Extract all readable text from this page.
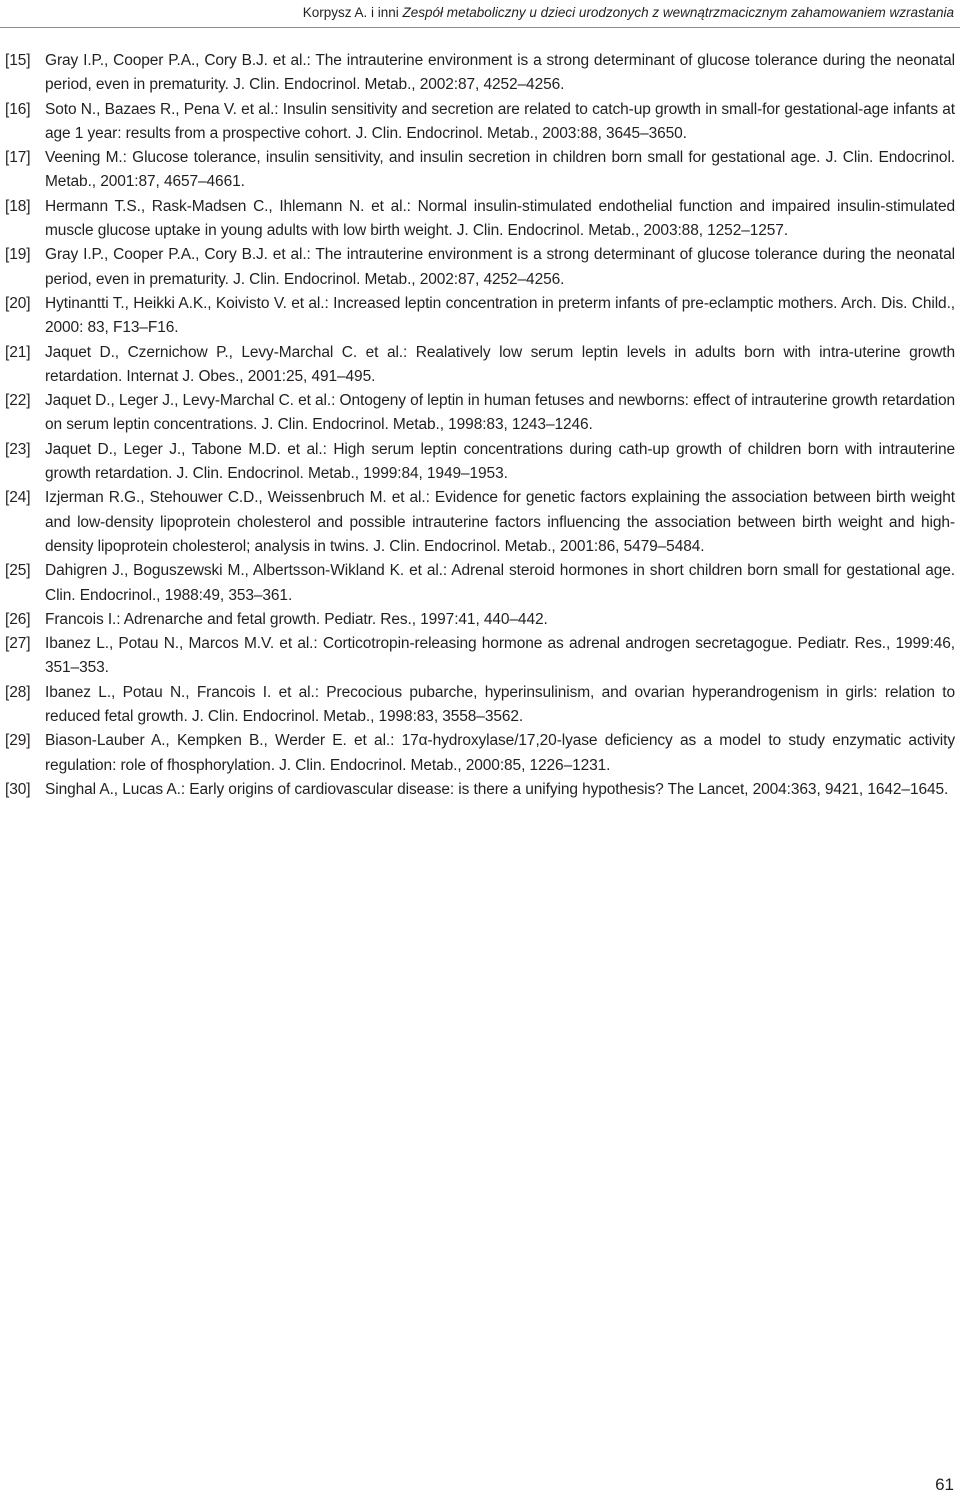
Korpysz A. i inni Zespół metaboliczny u dzieci urodzonych z wewnątrzmacicznym zahamowaniem wzrastania

[15] Gray I.P., Cooper P.A., Cory B.J. et al.: The intrauterine environment is a strong determinant of glucose tolerance during the neonatal period, even in prematurity. J. Clin. Endocrinol. Metab., 2002:87, 4252–4256.

[16] Soto N., Bazaes R., Pena V. et al.: Insulin sensitivity and secretion are related to catch-up growth in small-for gestational-age infants at age 1 year: results from a prospective cohort. J. Clin. Endocrinol. Metab., 2003:88, 3645–3650.

[17] Veening M.: Glucose tolerance, insulin sensitivity, and insulin secretion in children born small for gestational age. J. Clin. Endocrinol. Metab., 2001:87, 4657–4661.

[18] Hermann T.S., Rask-Madsen C., Ihlemann N. et al.: Normal insulin-stimulated endothelial function and impaired insulin-stimulated muscle glucose uptake in young adults with low birth weight. J. Clin. Endocrinol. Metab., 2003:88, 1252–1257.

[19] Gray I.P., Cooper P.A., Cory B.J. et al.: The intrauterine environment is a strong determinant of glucose tolerance during the neonatal period, even in prematurity. J. Clin. Endocrinol. Metab., 2002:87, 4252–4256.

[20] Hytinantti T., Heikki A.K., Koivisto V. et al.: Increased leptin concentration in preterm infants of pre-eclamptic mothers. Arch. Dis. Child., 2000: 83, F13–F16.

[21] Jaquet D., Czernichow P., Levy-Marchal C. et al.: Realatively low serum leptin levels in adults born with intra-uterine growth retardation. Internat J. Obes., 2001:25, 491–495.

[22] Jaquet D., Leger J., Levy-Marchal C. et al.: Ontogeny of leptin in human fetuses and newborns: effect of intrauterine growth retardation on serum leptin concentrations. J. Clin. Endocrinol. Metab., 1998:83, 1243–1246.

[23] Jaquet D., Leger J., Tabone M.D. et al.: High serum leptin concentrations during cath-up growth of children born with intrauterine growth retardation. J. Clin. Endocrinol. Metab., 1999:84, 1949–1953.

[24] Izjerman R.G., Stehouwer C.D., Weissenbruch M. et al.: Evidence for genetic factors explaining the association between birth weight and low-density lipoprotein cholesterol and possible intrauterine factors influencing the association between birth weight and high-density lipoprotein cholesterol; analysis in twins. J. Clin. Endocrinol. Metab., 2001:86, 5479–5484.

[25] Dahigren J., Boguszewski M., Albertsson-Wikland K. et al.: Adrenal steroid hormones in short children born small for gestational age. Clin. Endocrinol., 1988:49, 353–361.

[26] Francois I.: Adrenarche and fetal growth. Pediatr. Res., 1997:41, 440–442.

[27] Ibanez L., Potau N., Marcos M.V. et al.: Corticotropin-releasing hormone as adrenal androgen secretagogue. Pediatr. Res., 1999:46, 351–353.

[28] Ibanez L., Potau N., Francois I. et al.: Precocious pubarche, hyperinsulinism, and ovarian hyperandrogenism in girls: relation to reduced fetal growth. J. Clin. Endocrinol. Metab., 1998:83, 3558–3562.

[29] Biason-Lauber A., Kempken B., Werder E. et al.: 17α-hydroxylase/17,20-lyase deficiency as a model to study enzymatic activity regulation: role of fhosphorylation. J. Clin. Endocrinol. Metab., 2000:85, 1226–1231.

[30] Singhal A., Lucas A.: Early origins of cardiovascular disease: is there a unifying hypothesis? The Lancet, 2004:363, 9421, 1642–1645.

61
